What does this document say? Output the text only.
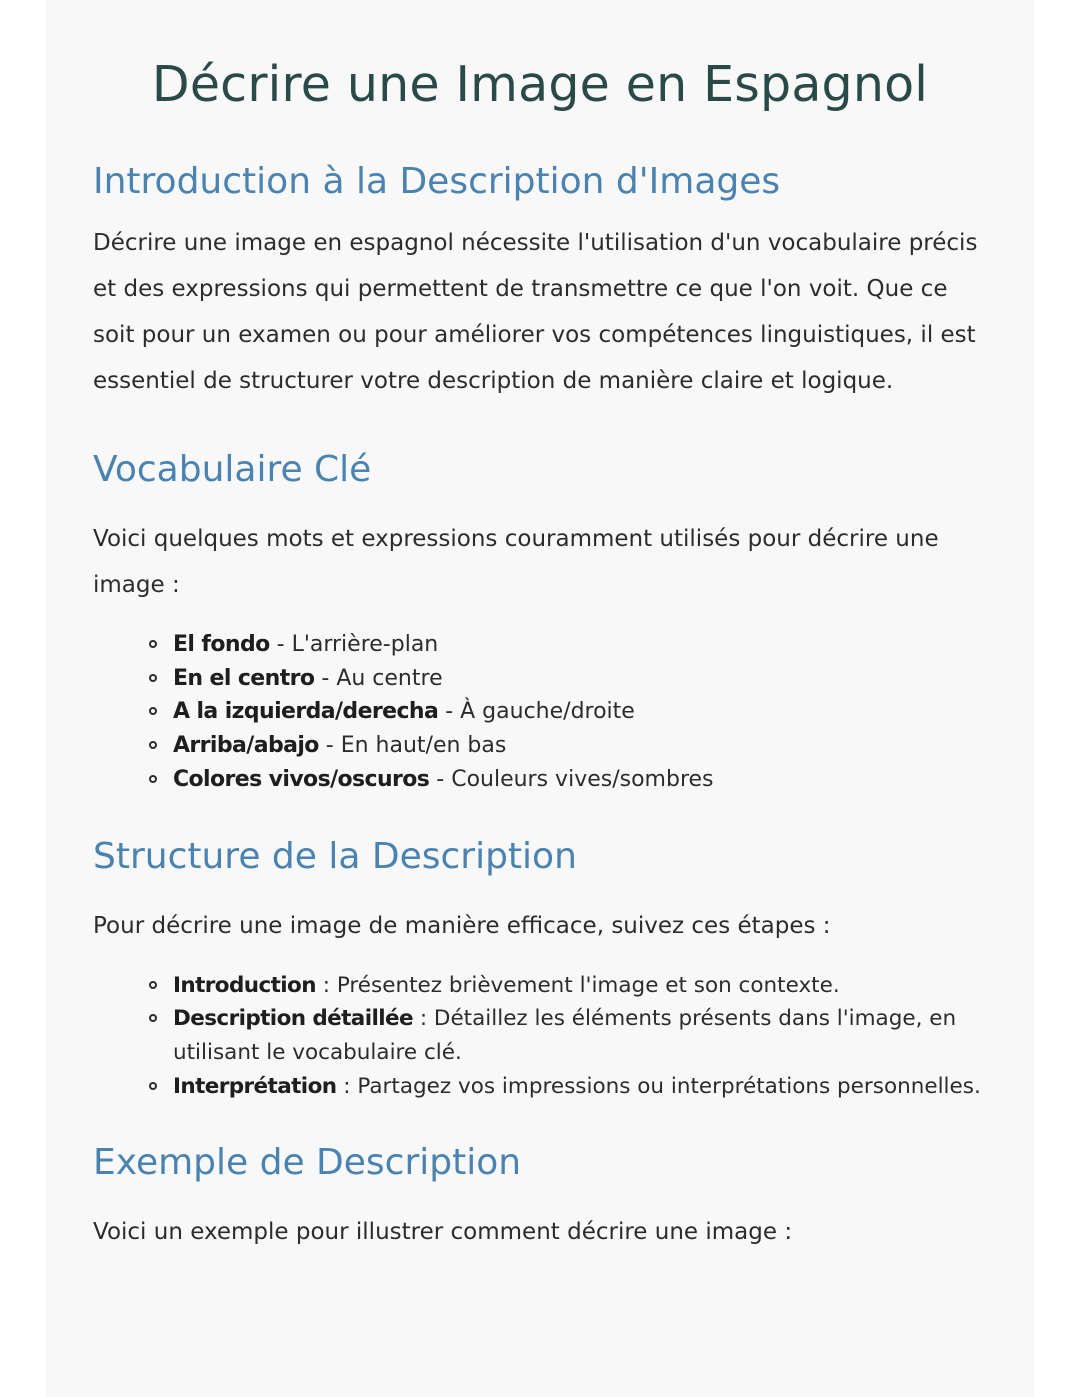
Décrire une Image en Espagnol
Introduction à la Description d'Images

Décrire une image en espagnol nécessite l'utilisation d'un vocabulaire précis et des expressions qui permettent de transmettre ce que l'on voit. Que ce soit pour un examen ou pour améliorer vos compétences linguistiques, il est essentiel de structurer votre description de manière claire et logique.

Vocabulaire Clé

Voici quelques mots et expressions couramment utilisés pour décrire une image :

El fondo - L'arrière-plan
En el centro - Au centre
A la izquierda/derecha - À gauche/droite
Arriba/abajo - En haut/en bas
Colores vivos/oscuros - Couleurs vives/sombres
Structure de la Description

Pour décrire une image de manière efficace, suivez ces étapes :

Introduction : Présentez brièvement l'image et son contexte.
Description détaillée : Détaillez les éléments présents dans l'image, en utilisant le vocabulaire clé.
Interprétation : Partagez vos impressions ou interprétations personnelles.
Exemple de Description

Voici un exemple pour illustrer comment décrire une image :
